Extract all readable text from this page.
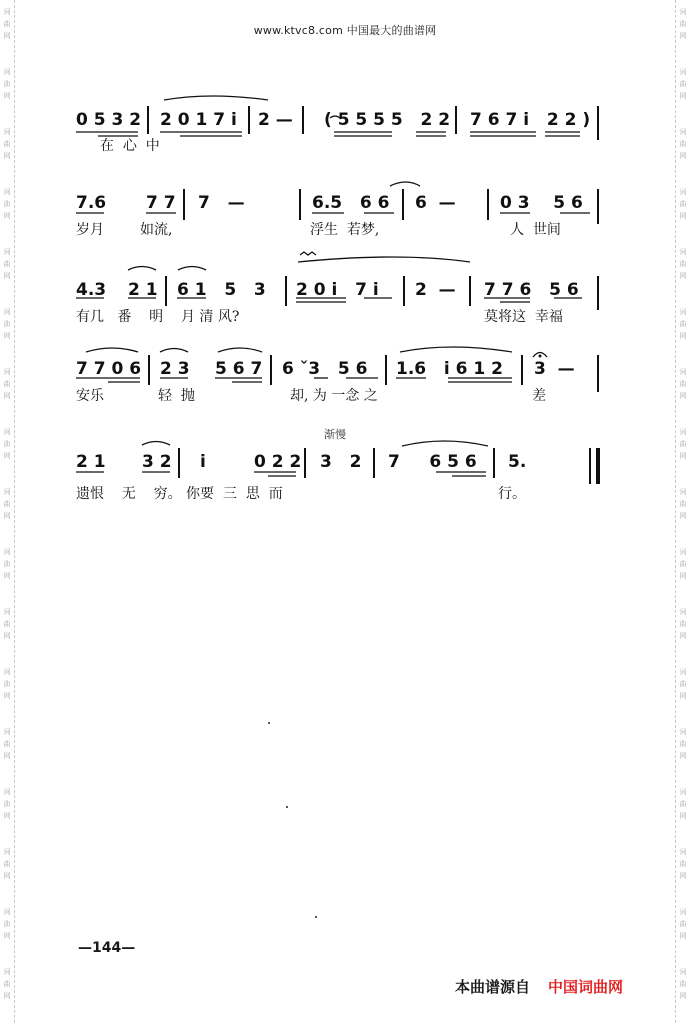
词
曲
网
词
曲
网
词
曲
网
词
曲
网
词
曲
网
词
曲
网
词
曲
网
词
曲
网
词
曲
网
词
曲
网
词
曲
网
词
曲
网
词
曲
网
词
曲
网
词
曲
网
词
曲
网
词
曲
网
词
曲
网
词
曲
网
词
曲
网
词
曲
网
词
曲
网
词
曲
网
词
曲
网
词
曲
网
词
曲
网
词
曲
网
词
曲
网
词
曲
网
词
曲
网
词
曲
网
词
曲
网
词
曲
网
词
曲
网
www.ktvc8.com 中国最大的曲谱网
0 5 3 2 2 0 1 7 i 2 — ( 5 5 5 5   2 2 7 6 7 i   2 2 )
在  心  中
7.6 7 7 7   —	6.5   6 6 6  —	0 3    5 6
岁月	如流,	浮生  若梦,	人  世间
4.3 2 1 6 1   5   3 2 0 i   7 i 2  — 7 7 6   5 6
有几   番    明    月 清 风?	莫将这  幸福
7 7 0 6 2 3 5 6 7 6 ˇ3   5 6 1.6   i 6 1 2 3  —
安乐	轻  抛	却, 为 一念 之	差
2 1 3 2 i	0 2 2 3   2 7     6 5 6 5.
遗恨    无    穷。 你要  三  思  而	行。
渐慢
—144—
本曲谱源自 中国词曲网
